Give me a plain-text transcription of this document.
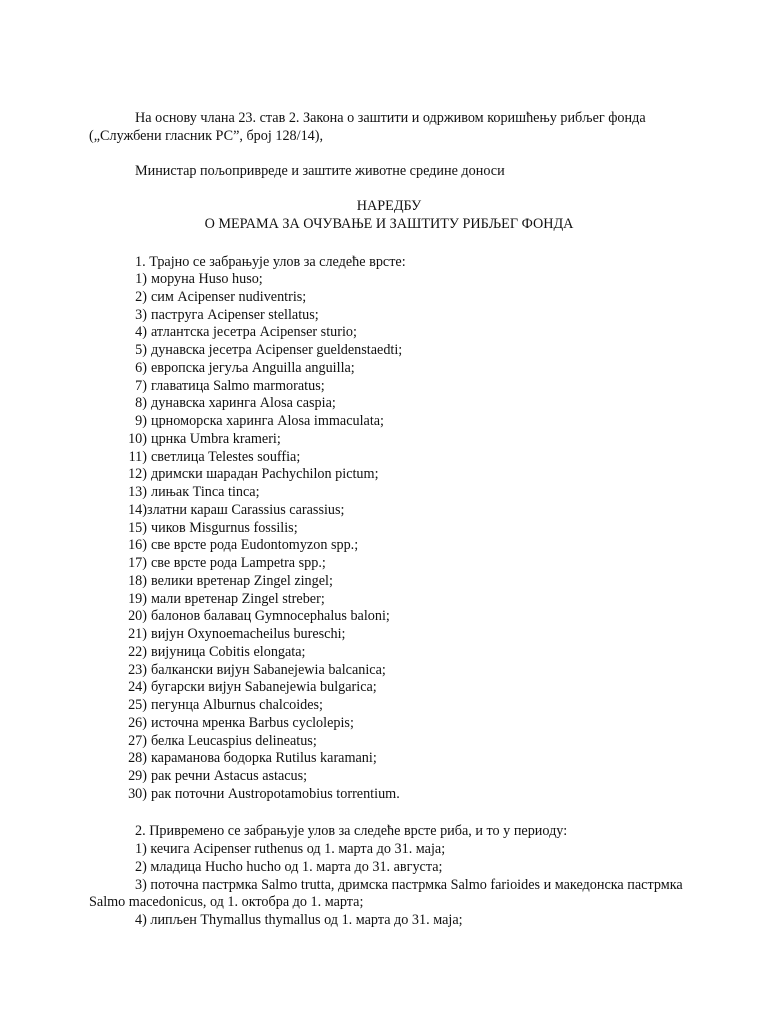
На основу члана 23. став 2. Закона о заштити и одрживом коришћењу рибљег фонда („Службени гласник РС”, број 128/14),

Министар пољопривреде и заштите животне средине доноси

НАРЕДБУ

О МЕРАМА ЗА ОЧУВАЊЕ И ЗАШТИТУ РИБЉЕГ ФОНДА

1. Трајно се забрањује улов за следеће врсте:

1) моруна Huso huso;
2) сим Acipenser nudiventris;
3) паструга Acipenser stellatus;
4) атлантска јесетра Acipenser sturio;
5) дунавска јесетра Acipenser gueldenstaedti;
6) европска јегуља Anguilla anguilla;
7) главатица Salmo marmoratus;
8) дунавска харинга Alosa caspia;
9) црноморска харинга Alosa immaculata;
10) црнка Umbra krameri;
11) светлица Telestes souffia;
12) дримски шарадан Pachychilon pictum;
13) лињак Tinca tinca;
14)златни караш Carassius carassius;
15) чиков Misgurnus fossilis;
16) све врсте рода Eudontomyzon spp.;
17) све врсте рода Lampetra spp.;
18) велики вретенар Zingel zingel;
19) мали вретенар Zingel streber;
20) балонов балавац Gymnocephalus baloni;
21) вијун Oxynoemacheilus bureschi;
22) вијуница Cobitis elongata;
23) балкански вијун Sabanejewia balcanica;
24) бугарски вијун Sabanejewia bulgarica;
25) пегунца Alburnus chalcoides;
26) источна мренка Barbus cyclolepis;
27) белка Leucaspius delineatus;
28) карамaнова бодорка Rutilus karamani;
29) рак речни Astacus astacus;
30) рак поточни Austropotamobius torrentium.

2. Привремено се забрањује улов за следеће врсте риба, и то у периоду:

1) кечига Acipenser ruthenus од 1. марта до 31. маја;
2) младица Hucho hucho од 1. марта до 31. августа;
3) поточна пастрмка Salmo trutta, дримска пастрмка Salmo farioides и македонска пастрмка Salmo macedonicus, од 1. октобра до 1. марта;
4) липљен Thymallus thymallus од 1. марта до 31. маја;
